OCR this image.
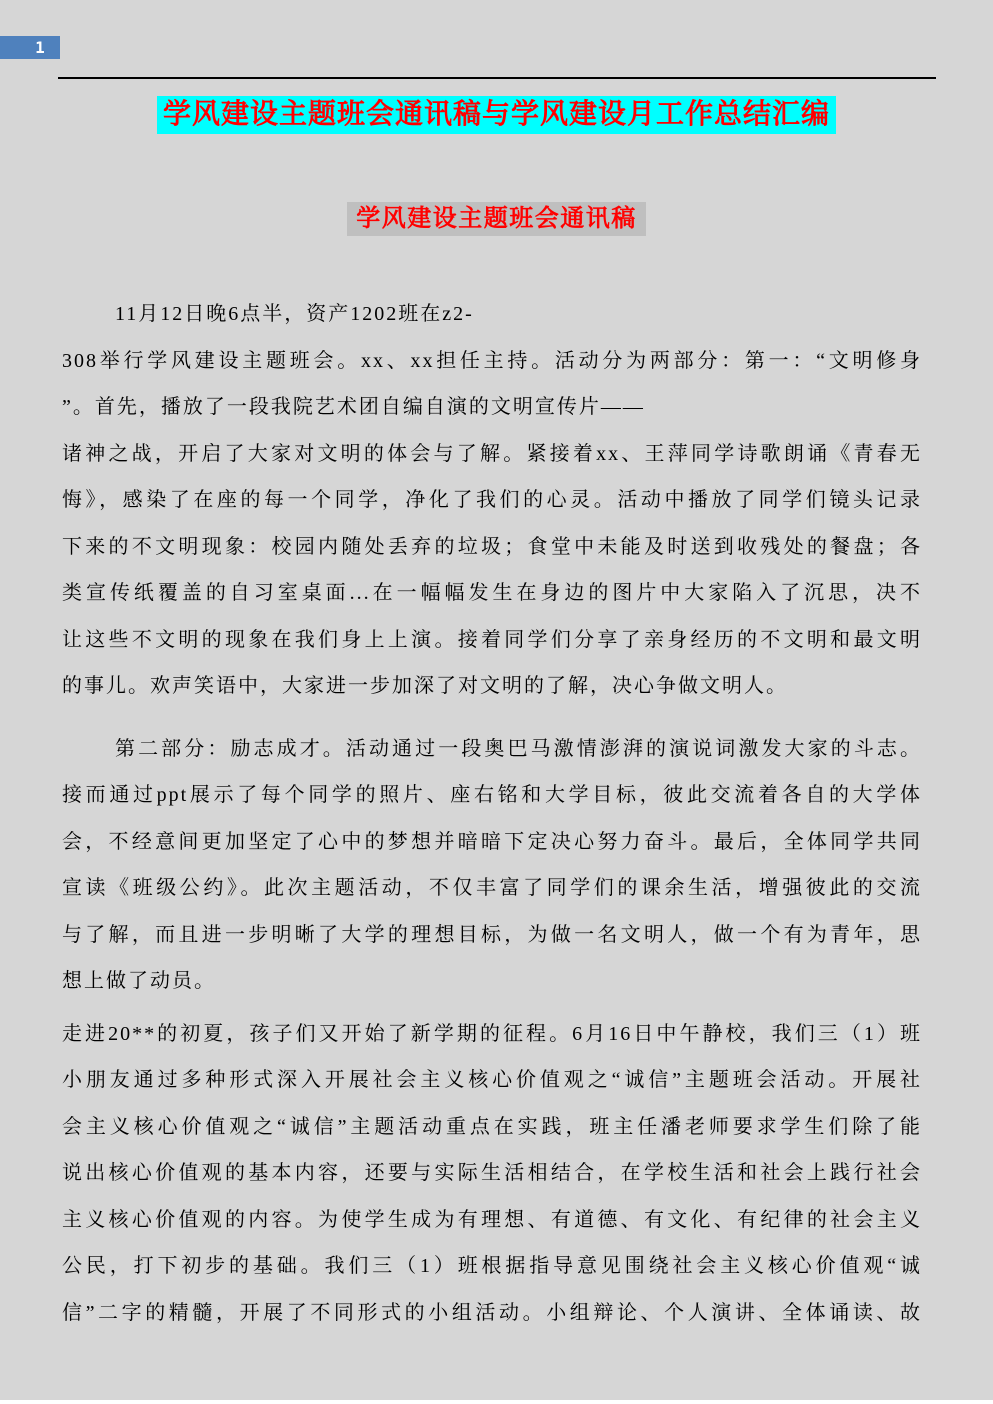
1
学风建设主题班会通讯稿与学风建设月工作总结汇编
学风建设主题班会通讯稿
11月12日晚6点半，资产1202班在z2-
308举行学风建设主题班会。xx、xx担任主持。活动分为两部分：第一：“文明修身
”。首先，播放了一段我院艺术团自编自演的文明宣传片——
诸神之战，开启了大家对文明的体会与了解。紧接着xx、王萍同学诗歌朗诵《青春无
悔》，感染了在座的每一个同学，净化了我们的心灵。活动中播放了同学们镜头记录
下来的不文明现象：校园内随处丢弃的垃圾；食堂中未能及时送到收残处的餐盘；各
类宣传纸覆盖的自习室桌面...在一幅幅发生在身边的图片中大家陷入了沉思，决不
让这些不文明的现象在我们身上上演。接着同学们分享了亲身经历的不文明和最文明
的事儿。欢声笑语中，大家进一步加深了对文明的了解，决心争做文明人。
第二部分：励志成才。活动通过一段奥巴马激情澎湃的演说词激发大家的斗志。
接而通过ppt展示了每个同学的照片、座右铭和大学目标，彼此交流着各自的大学体
会，不经意间更加坚定了心中的梦想并暗暗下定决心努力奋斗。最后，全体同学共同
宣读《班级公约》。此次主题活动，不仅丰富了同学们的课余生活，增强彼此的交流
与了解，而且进一步明晰了大学的理想目标，为做一名文明人，做一个有为青年，思
想上做了动员。
走进20**的初夏，孩子们又开始了新学期的征程。6月16日中午静校，我们三（1）班
小朋友通过多种形式深入开展社会主义核心价值观之“诚信”主题班会活动。开展社
会主义核心价值观之“诚信”主题活动重点在实践，班主任潘老师要求学生们除了能
说出核心价值观的基本内容，还要与实际生活相结合，在学校生活和社会上践行社会
主义核心价值观的内容。为使学生成为有理想、有道德、有文化、有纪律的社会主义
公民，打下初步的基础。我们三（1）班根据指导意见围绕社会主义核心价值观“诚
信”二字的精髓，开展了不同形式的小组活动。小组辩论、个人演讲、全体诵读、故
